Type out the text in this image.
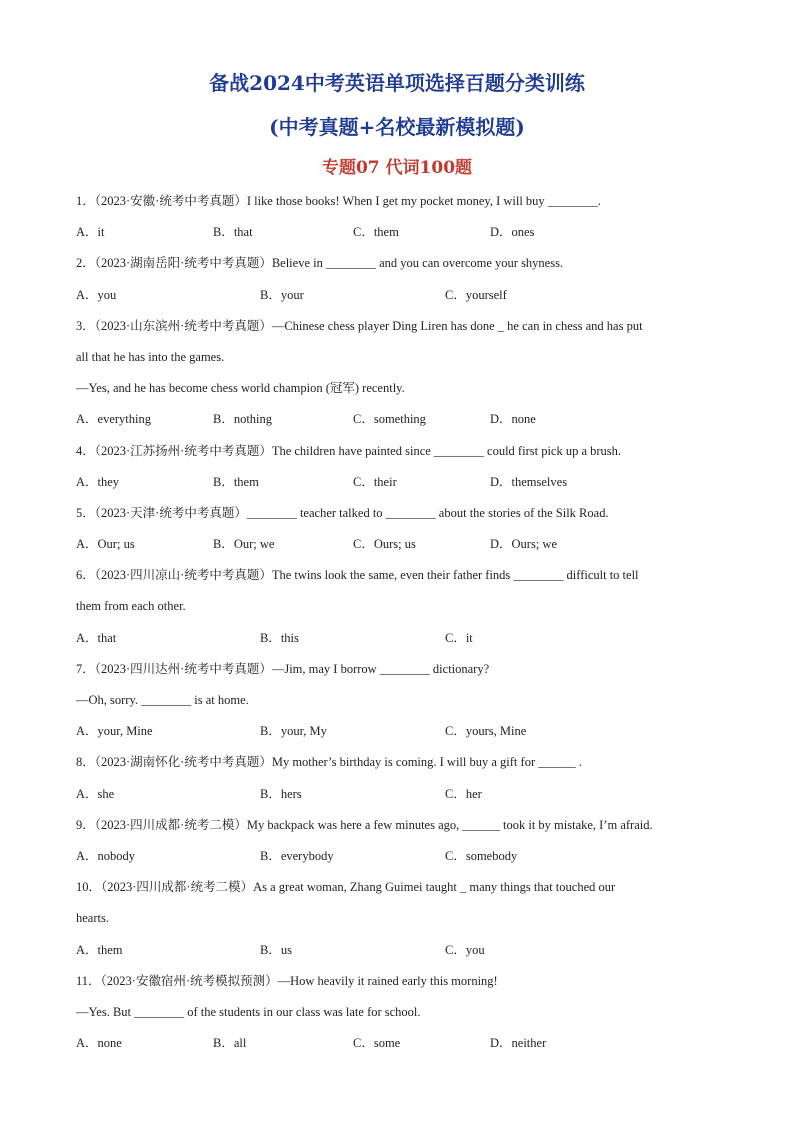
备战2024中考英语单项选择百题分类训练
(中考真题+名校最新模拟题)
专题07 代词100题
1．（2023·安徽·统考中考真题）I like those books! When I get my pocket money, I will buy ________.
A．it	B．that	C．them	D．ones
2．（2023·湖南岳阳·统考中考真题）Believe in ________ and you can overcome your shyness.
A．you	B．your	C．yourself
3．（2023·山东滨州·统考中考真题）—Chinese chess player Ding Liren has done _ he can in chess and has put
all that he has into the games.
—Yes, and he has become chess world champion (冠军) recently.
A．everything	B．nothing	C．something	D．none
4．（2023·江苏扬州·统考中考真题）The children have painted since ________ could first pick up a brush.
A．they	B．them	C．their	D．themselves
5．（2023·天津·统考中考真题）________ teacher talked to ________ about the stories of the Silk Road.
A．Our; us	B．Our; we	C．Ours; us	D．Ours; we
6．（2023·四川凉山·统考中考真题）The twins look the same, even their father finds ________ difficult to tell
them from each other.
A．that	B．this	C．it
7．（2023·四川达州·统考中考真题）—Jim, may I borrow ________ dictionary?
—Oh, sorry. ________ is at home.
A．your, Mine	B．your, My	C．yours, Mine
8．（2023·湖南怀化·统考中考真题）My mother’s birthday is coming. I will buy a gift for ______ .
A．she	B．hers	C．her
9．（2023·四川成都·统考二模）My backpack was here a few minutes ago, ______ took it by mistake, I’m afraid.
A．nobody	B．everybody	C．somebody
10．（2023·四川成都·统考二模）As a great woman, Zhang Guimei taught _ many things that touched our
hearts.
A．them	B．us	C．you
11．（2023·安徽宿州·统考模拟预测）—How heavily it rained early this morning!
—Yes. But ________ of the students in our class was late for school.
A．none	B．all	C．some	D．neither
